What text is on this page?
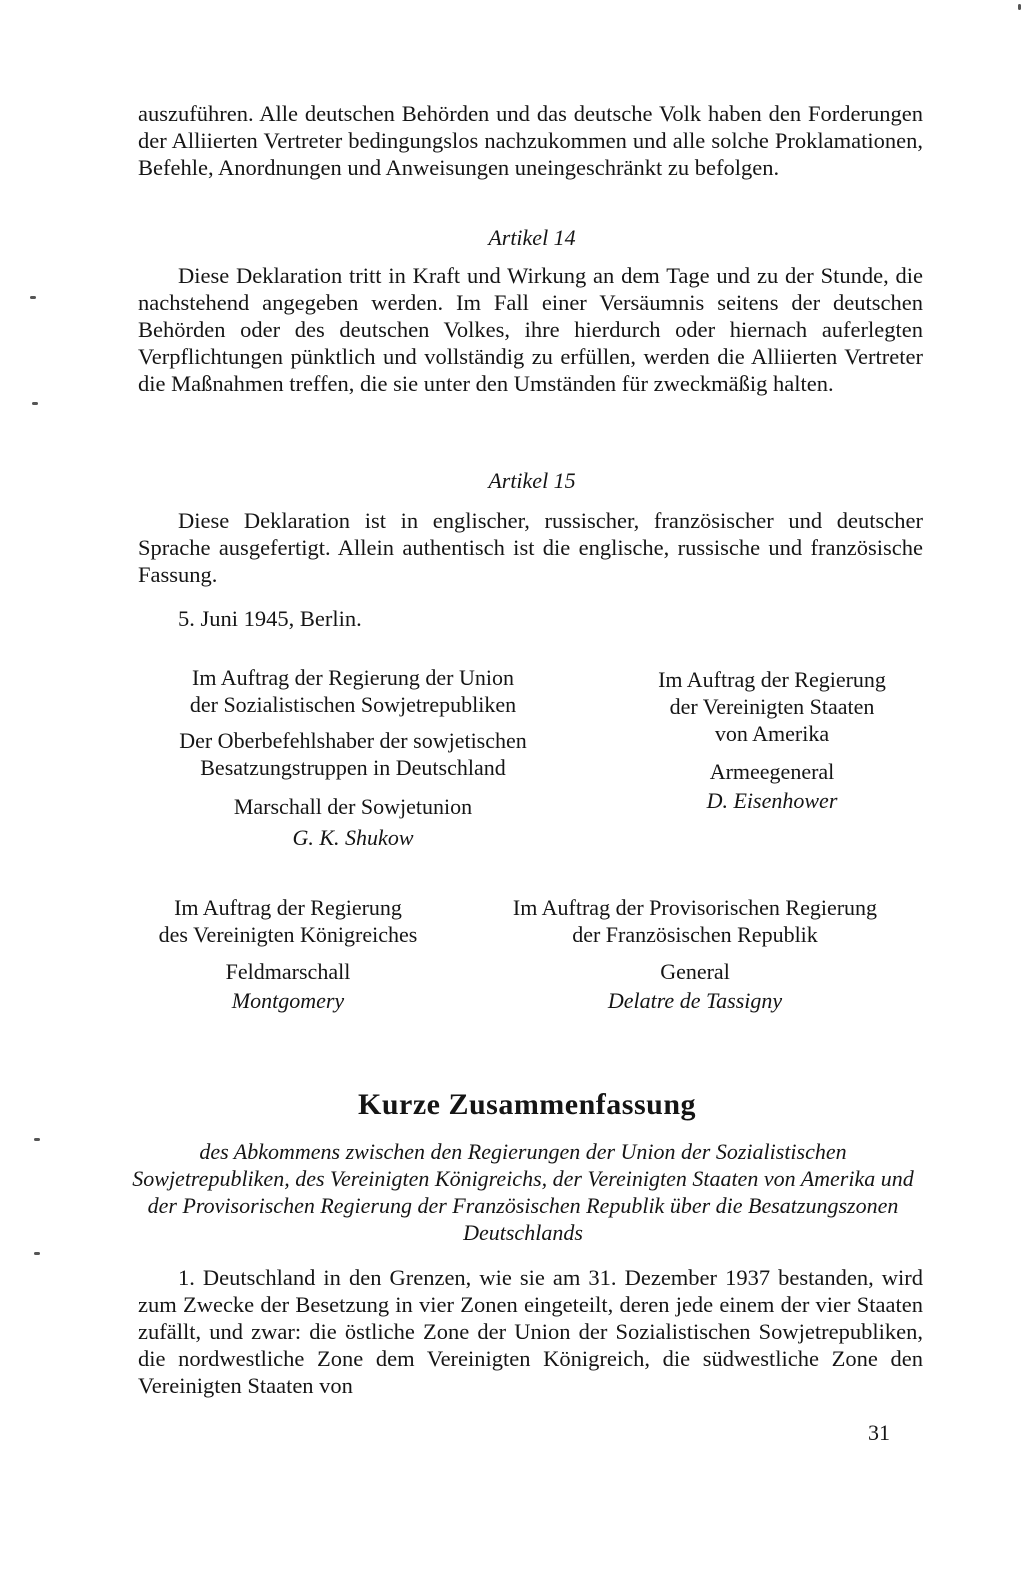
auszuführen. Alle deutschen Behörden und das deutsche Volk haben den Forderungen der Alliierten Vertreter bedingungslos nachzukommen und alle solche Proklamationen, Befehle, Anordnungen und Anweisungen uneingeschränkt zu befolgen.

Artikel 14

Diese Deklaration tritt in Kraft und Wirkung an dem Tage und zu der Stunde, die nachstehend angegeben werden. Im Fall einer Versäumnis seitens der deutschen Behörden oder des deutschen Volkes, ihre hierdurch oder hiernach auferlegten Verpflichtungen pünktlich und vollständig zu erfüllen, werden die Alliierten Vertreter die Maßnahmen treffen, die sie unter den Umständen für zweckmäßig halten.

Artikel 15

Diese Deklaration ist in englischer, russischer, französischer und deutscher Sprache ausgefertigt. Allein authentisch ist die englische, russische und französische Fassung.

5. Juni 1945, Berlin.

Im Auftrag der Regierung der Union

der Sozialistischen Sowjetrepubliken

Der Oberbefehlshaber der sowjetischen

Besatzungstruppen in Deutschland

Marschall der Sowjetunion

G. K. Shukow

Im Auftrag der Regierung

der Vereinigten Staaten

von Amerika

Armeegeneral

D. Eisenhower

Im Auftrag der Regierung

des Vereinigten Königreiches

Feldmarschall

Montgomery

Im Auftrag der Provisorischen Regierung

der Französischen Republik

General

Delatre de Tassigny

Kurze Zusammenfassung

des Abkommens zwischen den Regierungen der Union der Sozialistischen Sowjetrepubliken, des Vereinigten Königreichs, der Vereinigten Staaten von Amerika und der Provisorischen Regierung der Französischen Republik über die Besatzungszonen Deutschlands

1. Deutschland in den Grenzen, wie sie am 31. Dezember 1937 bestanden, wird zum Zwecke der Besetzung in vier Zonen eingeteilt, deren jede einem der vier Staaten zufällt, und zwar: die östliche Zone der Union der Sozialistischen Sowjetrepubliken, die nordwestliche Zone dem Vereinigten Königreich, die südwestliche Zone den Vereinigten Staaten von

31
